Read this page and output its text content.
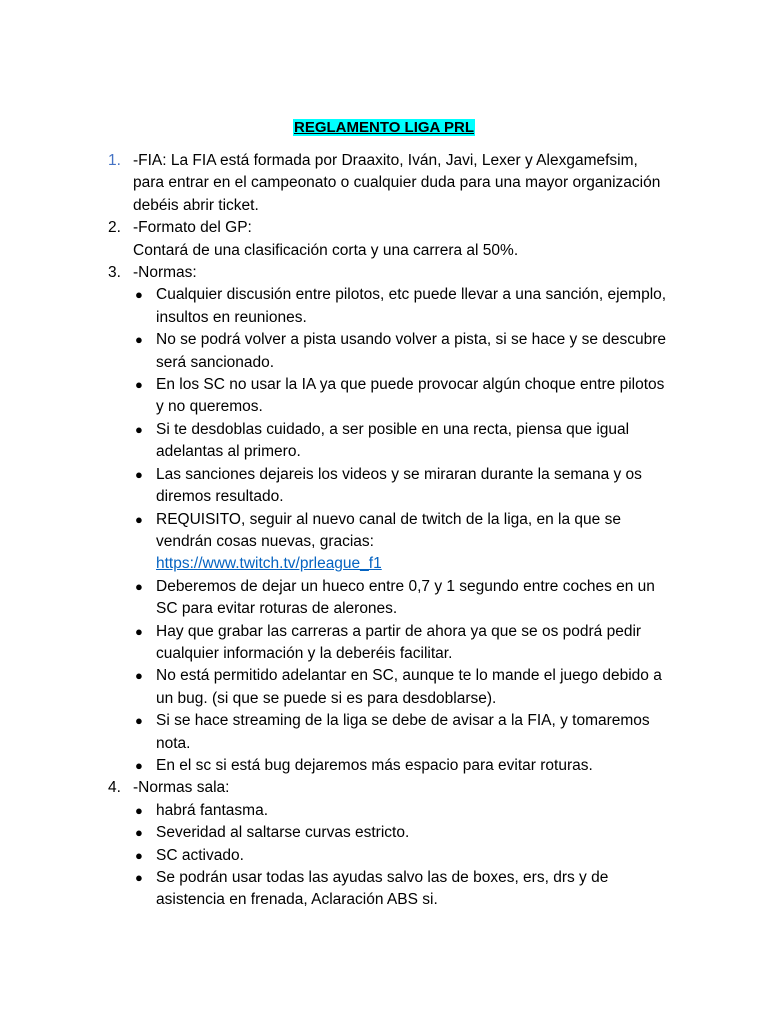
REGLAMENTO LIGA PRL
1. -FIA: La FIA está formada por Draaxito, Iván, Javi, Lexer y Alexgamefsim, para entrar en el campeonato o cualquier duda para una mayor organización debéis abrir ticket.
2. -Formato del GP:
Contará de una clasificación corta y una carrera al 50%.
3. -Normas:
● Cualquier discusión entre pilotos, etc puede llevar a una sanción, ejemplo, insultos en reuniones.
● No se podrá volver a pista usando volver a pista, si se hace y se descubre será sancionado.
● En los SC no usar la IA ya que puede provocar algún choque entre pilotos y no queremos.
● Si te desdoblas cuidado, a ser posible en una recta, piensa que igual adelantas al primero.
● Las sanciones dejareis los videos y se miraran durante la semana y os diremos resultado.
● REQUISITO, seguir al nuevo canal de twitch de la liga, en la que se vendrán cosas nuevas, gracias:
https://www.twitch.tv/prleague_f1
● Deberemos de dejar un hueco entre 0,7 y 1 segundo entre coches en un SC para evitar roturas de alerones.
● Hay que grabar las carreras a partir de ahora ya que se os podrá pedir cualquier información y la deberéis facilitar.
● No está permitido adelantar en SC, aunque te lo mande el juego debido a un bug. (si que se puede si es para desdoblarse).
● Si se hace streaming de la liga se debe de avisar a la FIA, y tomaremos nota.
● En el sc si está bug dejaremos más espacio para evitar roturas.
4. -Normas sala:
● habrá fantasma.
● Severidad al saltarse curvas estricto.
● SC activado.
● Se podrán usar todas las ayudas salvo las de boxes, ers, drs y de asistencia en frenada, Aclaración ABS si.
